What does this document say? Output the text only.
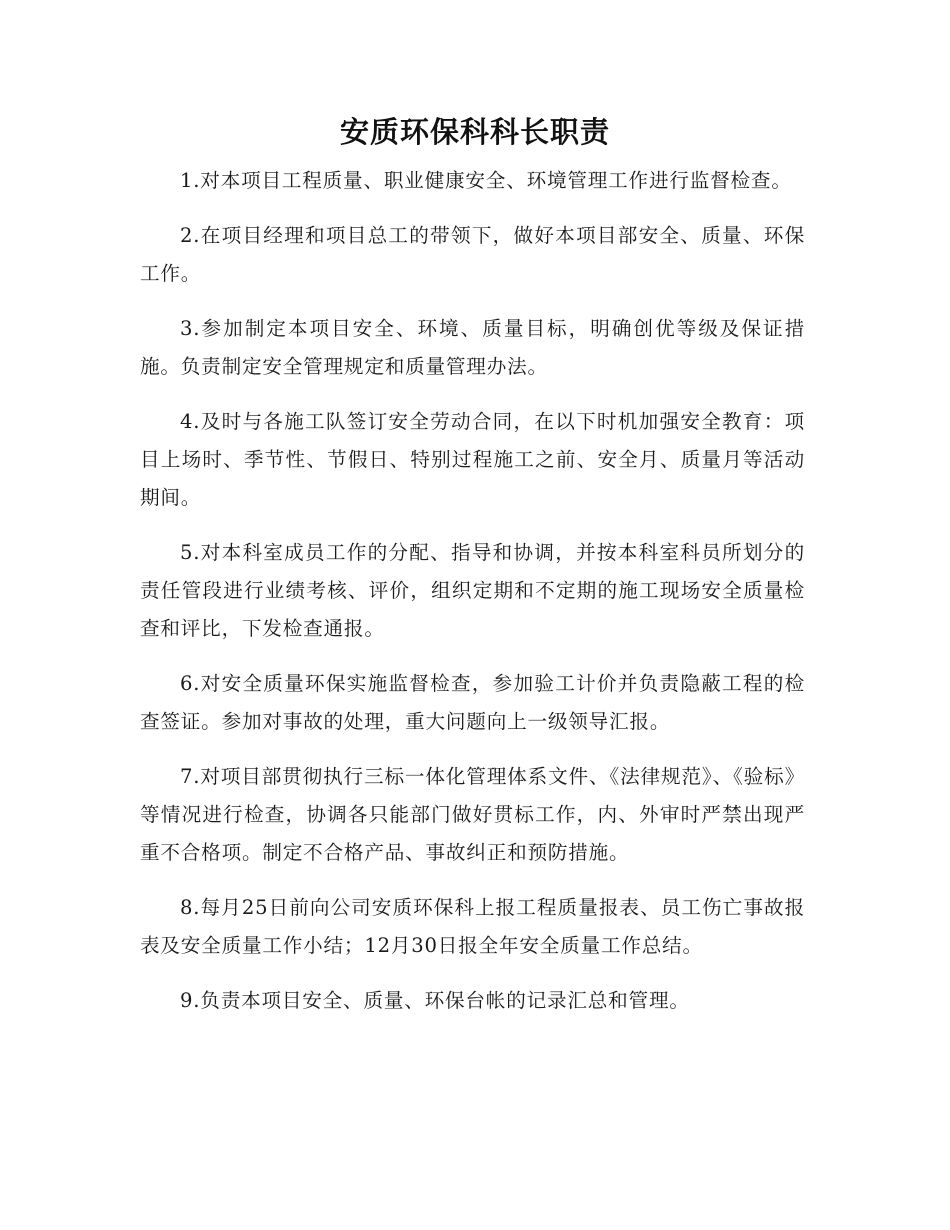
安质环保科科长职责

1.对本项目工程质量、职业健康安全、环境管理工作进行监督检查。

2.在项目经理和项目总工的带领下，做好本项目部安全、质量、环保工作。

3.参加制定本项目安全、环境、质量目标，明确创优等级及保证措施。负责制定安全管理规定和质量管理办法。

4.及时与各施工队签订安全劳动合同，在以下时机加强安全教育：项目上场时、季节性、节假日、特别过程施工之前、安全月、质量月等活动期间。

5.对本科室成员工作的分配、指导和协调，并按本科室科员所划分的责任管段进行业绩考核、评价，组织定期和不定期的施工现场安全质量检查和评比，下发检查通报。

6.对安全质量环保实施监督检查，参加验工计价并负责隐蔽工程的检查签证。参加对事故的处理，重大问题向上一级领导汇报。

7.对项目部贯彻执行三标一体化管理体系文件、《法律规范》、《验标》等情况进行检查，协调各只能部门做好贯标工作，内、外审时严禁出现严重不合格项。制定不合格产品、事故纠正和预防措施。

8.每月25日前向公司安质环保科上报工程质量报表、员工伤亡事故报表及安全质量工作小结；12月30日报全年安全质量工作总结。

9.负责本项目安全、质量、环保台帐的记录汇总和管理。
